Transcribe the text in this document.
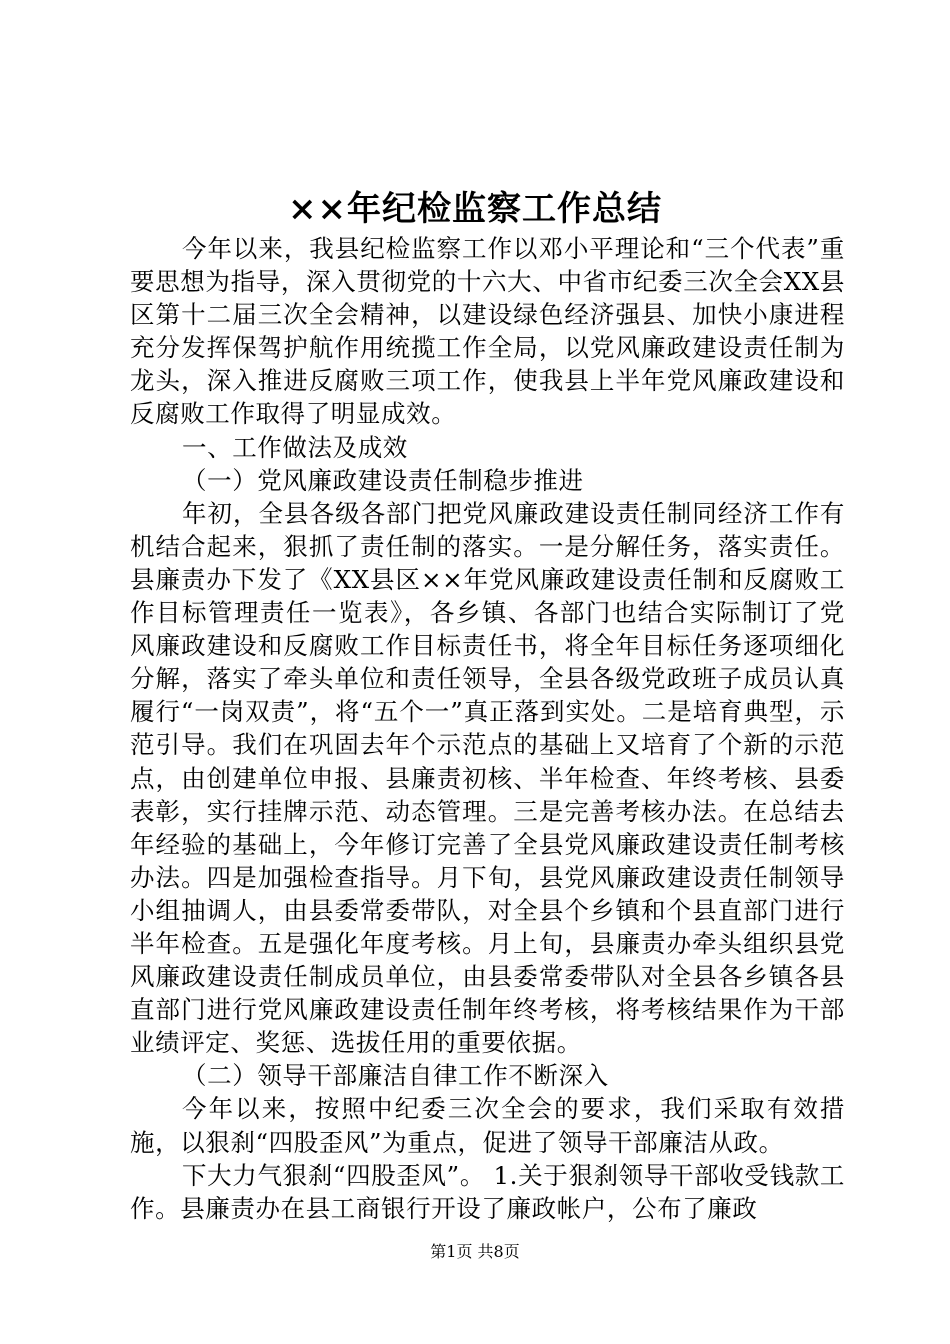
××年纪检监察工作总结

今年以来，我县纪检监察工作以邓小平理论和“三个代表”重要思想为指导，深入贯彻党的十六大、中省市纪委三次全会XX县区第十二届三次全会精神，以建设绿色经济强县、加快小康进程充分发挥保驾护航作用统揽工作全局，以党风廉政建设责任制为龙头，深入推进反腐败三项工作，使我县上半年党风廉政建设和反腐败工作取得了明显成效。

一、工作做法及成效

（一）党风廉政建设责任制稳步推进

年初，全县各级各部门把党风廉政建设责任制同经济工作有机结合起来，狠抓了责任制的落实。一是分解任务，落实责任。县廉责办下发了《XX县区××年党风廉政建设责任制和反腐败工作目标管理责任一览表》，各乡镇、各部门也结合实际制订了党风廉政建设和反腐败工作目标责任书，将全年目标任务逐项细化分解，落实了牵头单位和责任领导，全县各级党政班子成员认真履行“一岗双责”，将“五个一”真正落到实处。二是培育典型，示范引导。我们在巩固去年个示范点的基础上又培育了个新的示范点，由创建单位申报、县廉责初核、半年检查、年终考核、县委表彰，实行挂牌示范、动态管理。三是完善考核办法。在总结去年经验的基础上，今年修订完善了全县党风廉政建设责任制考核办法。四是加强检查指导。月下旬，县党风廉政建设责任制领导小组抽调人，由县委常委带队，对全县个乡镇和个县直部门进行半年检查。五是强化年度考核。月上旬，县廉责办牵头组织县党风廉政建设责任制成员单位，由县委常委带队对全县各乡镇各县直部门进行党风廉政建设责任制年终考核，将考核结果作为干部业绩评定、奖惩、选拔任用的重要依据。

（二）领导干部廉洁自律工作不断深入

今年以来，按照中纪委三次全会的要求，我们采取有效措施，以狠刹“四股歪风”为重点，促进了领导干部廉洁从政。

下大力气狠刹“四股歪风”。 1.关于狠刹领导干部收受钱款工作。县廉责办在县工商银行开设了廉政帐户，公布了廉政

第1页 共8页
